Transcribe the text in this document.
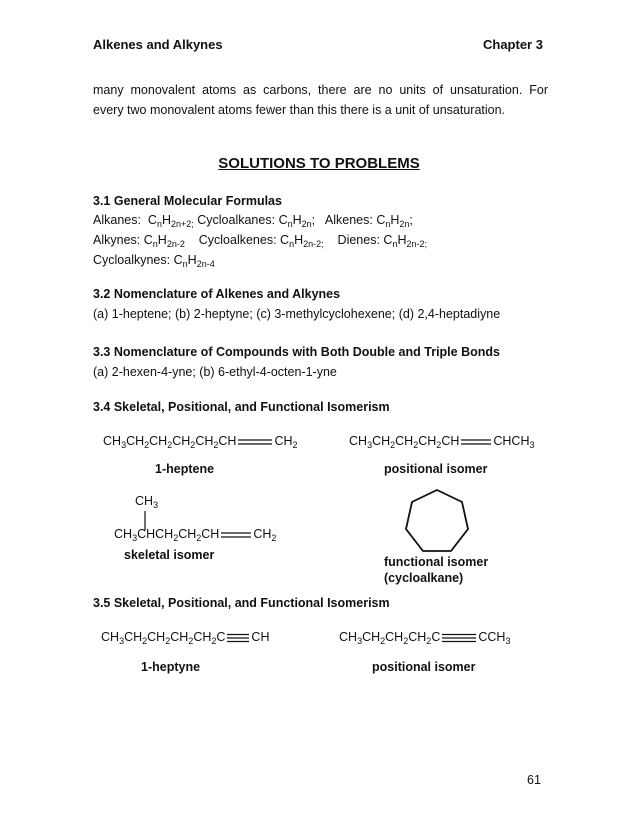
Alkenes and Alkynes	Chapter 3

many monovalent atoms as carbons, there are no units of unsaturation. For

every two monovalent atoms fewer than this there is a unit of unsaturation.

SOLUTIONS TO PROBLEMS
3.1 General Molecular Formulas
Alkanes: $C_nH_{2n+2;}$ Cycloalkanes: $C_nH_{2n}$; Alkenes: $C_nH_{2n}$;
Alkynes: $C_nH_{2n-2}$ Cycloalkenes: $C_nH_{2n-2;}$ Dienes: $C_nH_{2n-2;}$
Cycloalkynes: $C_nH_{2n-4}$
3.2 Nomenclature of Alkenes and Alkynes
(a) 1-heptene; (b) 2-heptyne; (c) 3-methylcyclohexene; (d) 2,4-heptadiyne
3.3 Nomenclature of Compounds with Both Double and Triple Bonds
(a) 2-hexen-4-yne; (b) 6-ethyl-4-octen-1-yne
3.4 Skeletal, Positional, and Functional Isomerism
$CH_3CH_2CH_2CH_2CH_2CH$	$CH_2$
1-heptene
$CH_3CH_2CH_2CH_2CH$	$CHCH_3$
positional isomer
$CH_3$
$CH_3CHCH_2CH_2CH$	$CH_2$
skeletal isomer	functional isomer
(cycloalkane)
3.5 Skeletal, Positional, and Functional Isomerism
$CH_3CH_2CH_2CH_2CH_2C$ CH
1-heptyne
$CH_3CH_2CH_2CH_2C$	$CCH_3$
positional isomer
61
